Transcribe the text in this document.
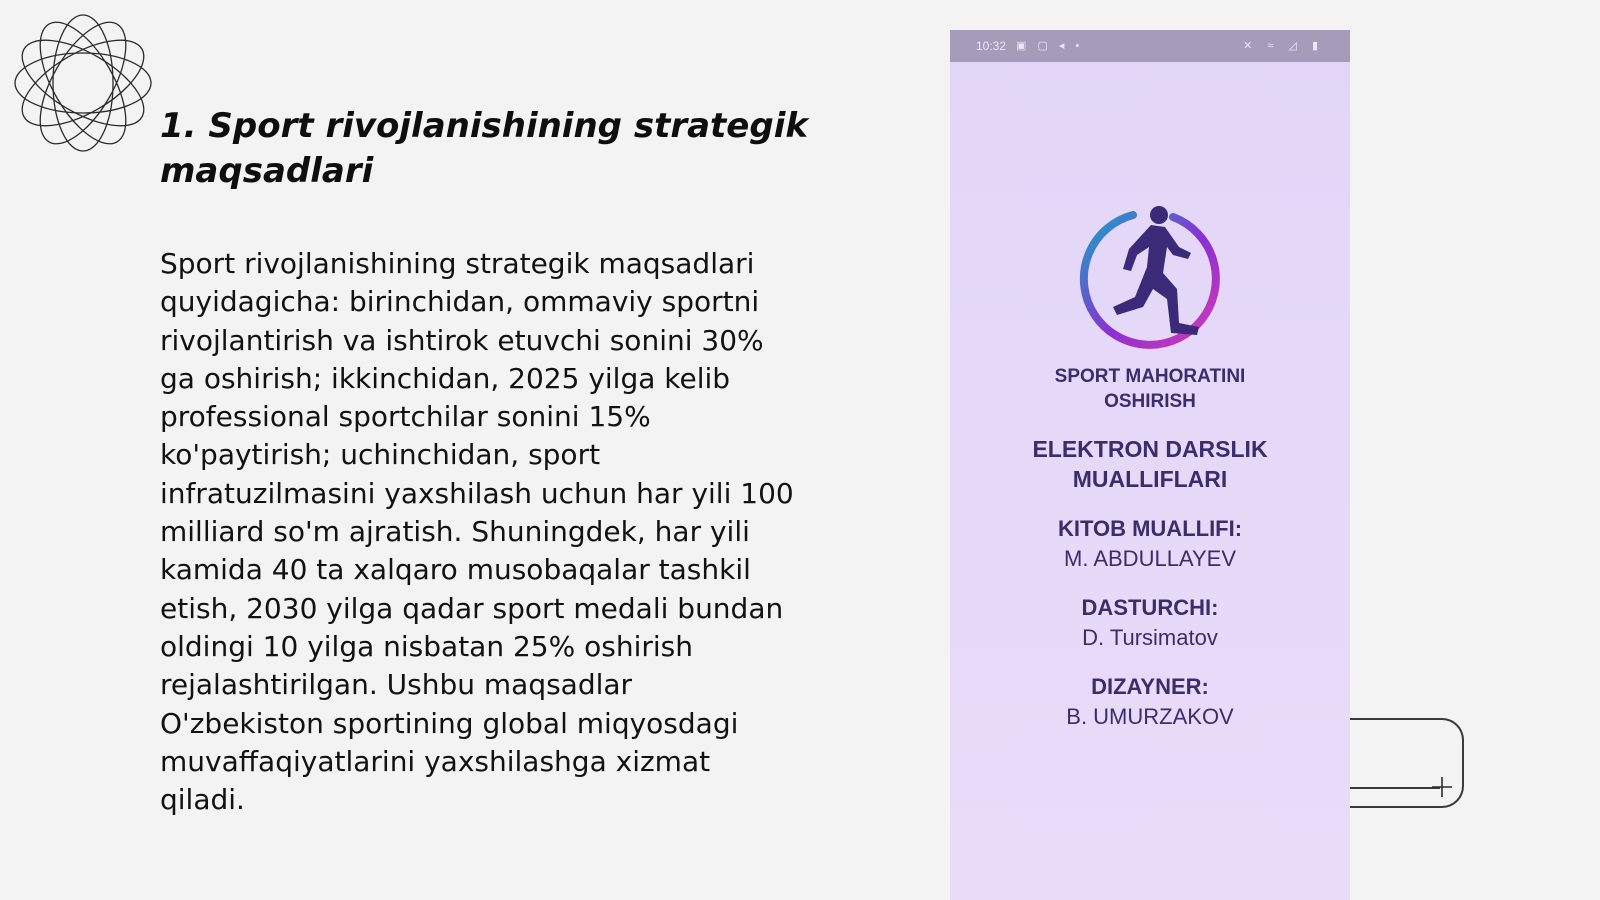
1. Sport rivojlanishining strategik
maqsadlari
Sport rivojlanishining strategik maqsadlari
quyidagicha: birinchidan, ommaviy sportni
rivojlantirish va ishtirok etuvchi sonini 30%
ga oshirish; ikkinchidan, 2025 yilga kelib
professional sportchilar sonini 15%
ko'paytirish; uchinchidan, sport
infratuzilmasini yaxshilash uchun har yili 100
milliard so'm ajratish. Shuningdek, har yili
kamida 40 ta xalqaro musobaqalar tashkil
etish, 2030 yilga qadar sport medali bundan
oldingi 10 yilga nisbatan 25% oshirish
rejalashtirilgan. Ushbu maqsadlar
O'zbekiston sportining global miqyosdagi
muvaffaqiyatlarini yaxshilashga xizmat
qiladi.
10:32 ▣ ▢ ◂ •	✕ ≈ ◿ ▮
SPORT MAHORATINI
OSHIRISH
ELEKTRON DARSLIK
MUALLIFLARI
KITOB MUALLIFI:
M. ABDULLAYEV
DASTURCHI:
D. Tursimatov
DIZAYNER:
B. UMURZAKOV
